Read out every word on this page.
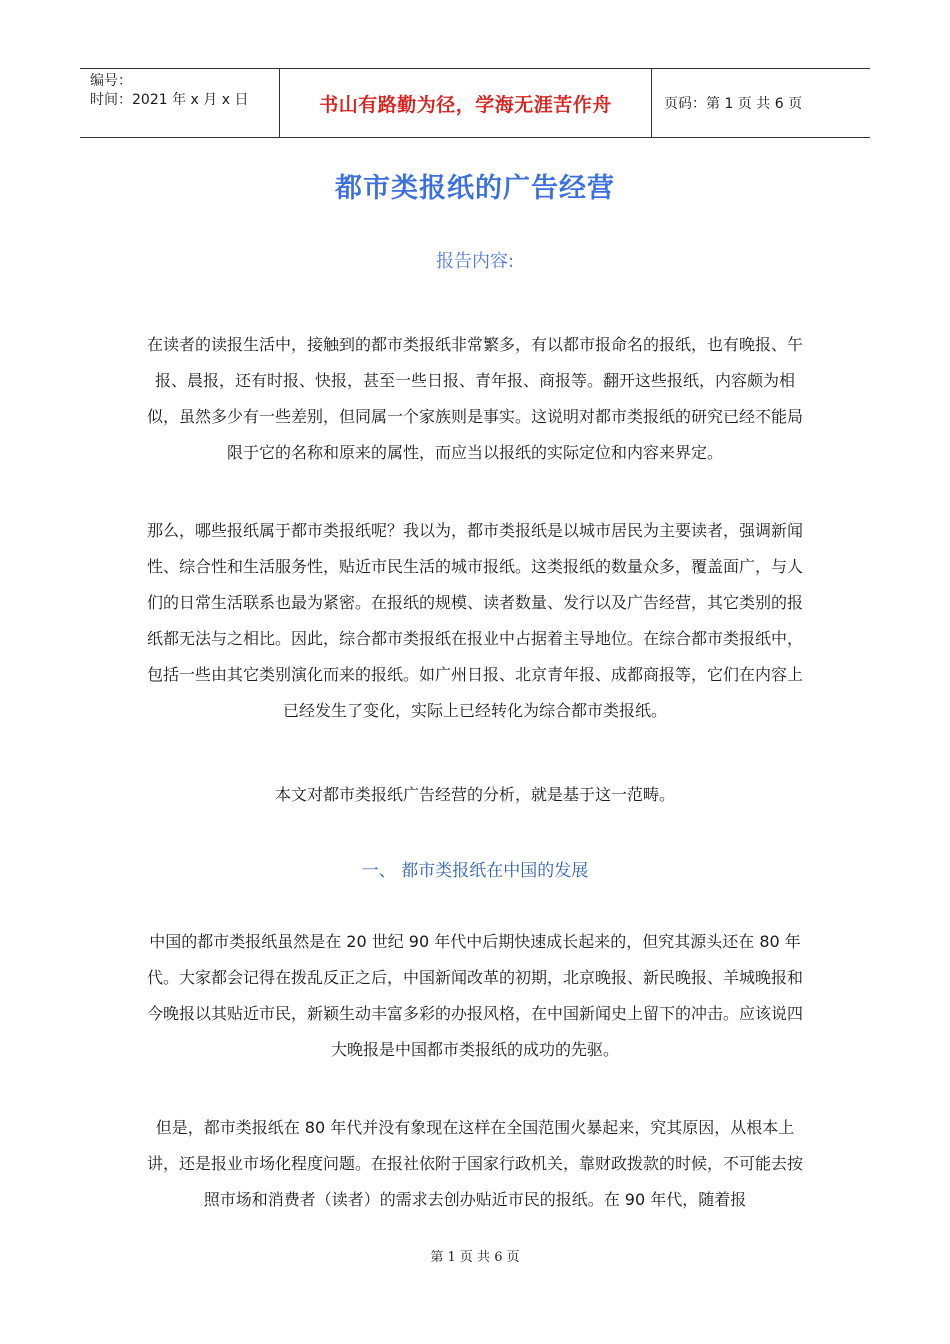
编号：
时间：2021 年 x 月 x 日	书山有路勤为径，学海无涯苦作舟	页码：第 1 页 共 6 页
都市类报纸的广告经营
报告内容:

在读者的读报生活中，接触到的都市类报纸非常繁多，有以都市报命名的报纸，也有晚报、午报、晨报，还有时报、快报，甚至一些日报、青年报、商报等。翻开这些报纸，内容颇为相似，虽然多少有一些差别，但同属一个家族则是事实。这说明对都市类报纸的研究已经不能局限于它的名称和原来的属性，而应当以报纸的实际定位和内容来界定。

那么，哪些报纸属于都市类报纸呢？我以为，都市类报纸是以城市居民为主要读者，强调新闻性、综合性和生活服务性，贴近市民生活的城市报纸。这类报纸的数量众多，覆盖面广，与人们的日常生活联系也最为紧密。在报纸的规模、读者数量、发行以及广告经营，其它类别的报纸都无法与之相比。因此，综合都市类报纸在报业中占据着主导地位。在综合都市类报纸中，包括一些由其它类别演化而来的报纸。如广州日报、北京青年报、成都商报等，它们在内容上已经发生了变化，实际上已经转化为综合都市类报纸。

本文对都市类报纸广告经营的分析，就是基于这一范畴。

一、 都市类报纸在中国的发展

中国的都市类报纸虽然是在 20 世纪 90 年代中后期快速成长起来的，但究其源头还在 80 年代。大家都会记得在拨乱反正之后，中国新闻改革的初期，北京晚报、新民晚报、羊城晚报和今晚报以其贴近市民，新颖生动丰富多彩的办报风格，在中国新闻史上留下的冲击。应该说四大晚报是中国都市类报纸的成功的先驱。

但是，都市类报纸在 80 年代并没有象现在这样在全国范围火暴起来，究其原因，从根本上讲，还是报业市场化程度问题。在报社依附于国家行政机关，靠财政拨款的时候，不可能去按照市场和消费者（读者）的需求去创办贴近市民的报纸。在 90 年代，随着报

第 1 页 共 6 页
